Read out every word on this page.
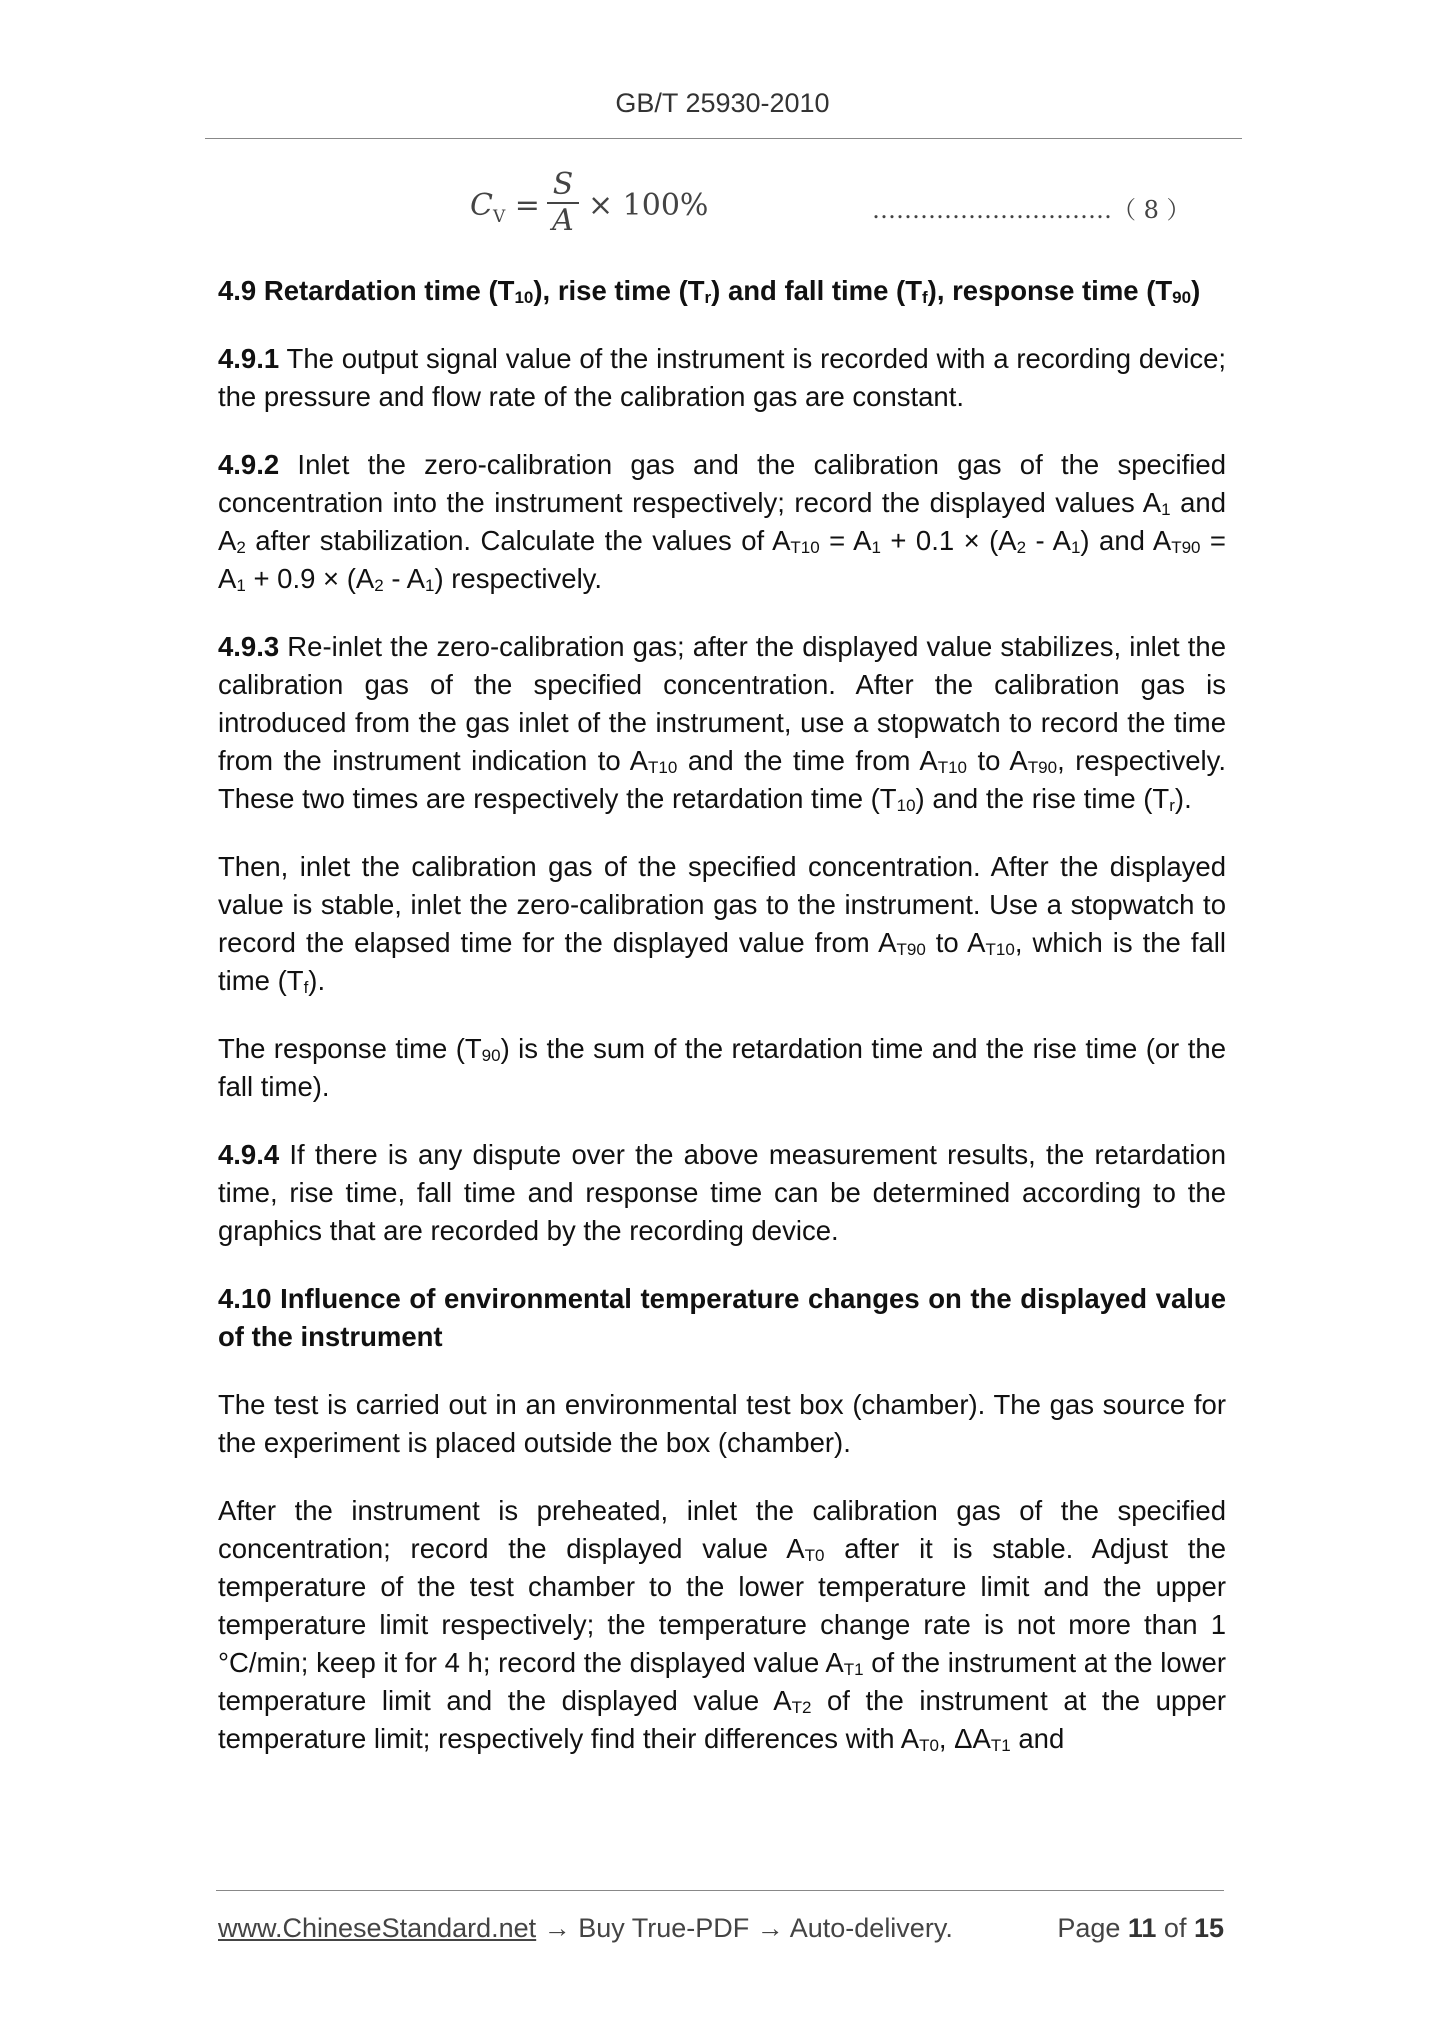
GB/T 25930-2010
$C_V$ =
S
A × 100%	…………………………（ 8 ）

4.9 Retardation time $(T_{10})$, rise time $(T_r)$ and fall time $(T_f)$, response time $(T_{90})$

4.9.1 The output signal value of the instrument is recorded with a recording device; the pressure and flow rate of the calibration gas are constant.

4.9.2 Inlet the zero-calibration gas and the calibration gas of the specified concentration into the instrument respectively; record the displayed values $A_1$ and $A_2$ after stabilization. Calculate the values of $A_{T10} = A_1 + 0.1 \times (A_2 - A_1)$ and $A_{T90} = A_1 + 0.9 \times (A_2 - A_1)$ respectively.

4.9.3 Re-inlet the zero-calibration gas; after the displayed value stabilizes, inlet the calibration gas of the specified concentration. After the calibration gas is introduced from the gas inlet of the instrument, use a stopwatch to record the time from the instrument indication to $A_{T10}$ and the time from $A_{T10}$ to $A_{T90}$, respectively. These two times are respectively the retardation time $(T_{10})$ and the rise time $(T_r)$.

Then, inlet the calibration gas of the specified concentration. After the displayed value is stable, inlet the zero-calibration gas to the instrument. Use a stopwatch to record the elapsed time for the displayed value from $A_{T90}$ to $A_{T10}$, which is the fall time $(T_f)$.

The response time $(T_{90})$ is the sum of the retardation time and the rise time (or the fall time).

4.9.4 If there is any dispute over the above measurement results, the retardation time, rise time, fall time and response time can be determined according to the graphics that are recorded by the recording device.

4.10 Influence of environmental temperature changes on the displayed value of the instrument

The test is carried out in an environmental test box (chamber). The gas source for the experiment is placed outside the box (chamber).

After the instrument is preheated, inlet the calibration gas of the specified concentration; record the displayed value $A_{T0}$ after it is stable. Adjust the temperature of the test chamber to the lower temperature limit and the upper temperature limit respectively; the temperature change rate is not more than 1 °C/min; keep it for 4 h; record the displayed value $A_{T1}$ of the instrument at the lower temperature limit and the displayed value $A_{T2}$ of the instrument at the upper temperature limit; respectively find their differences with $A_{T0}$, $\Delta A_{T1}$ and

www.ChineseStandard.net → Buy True-PDF → Auto-delivery.	Page 11 of 15
